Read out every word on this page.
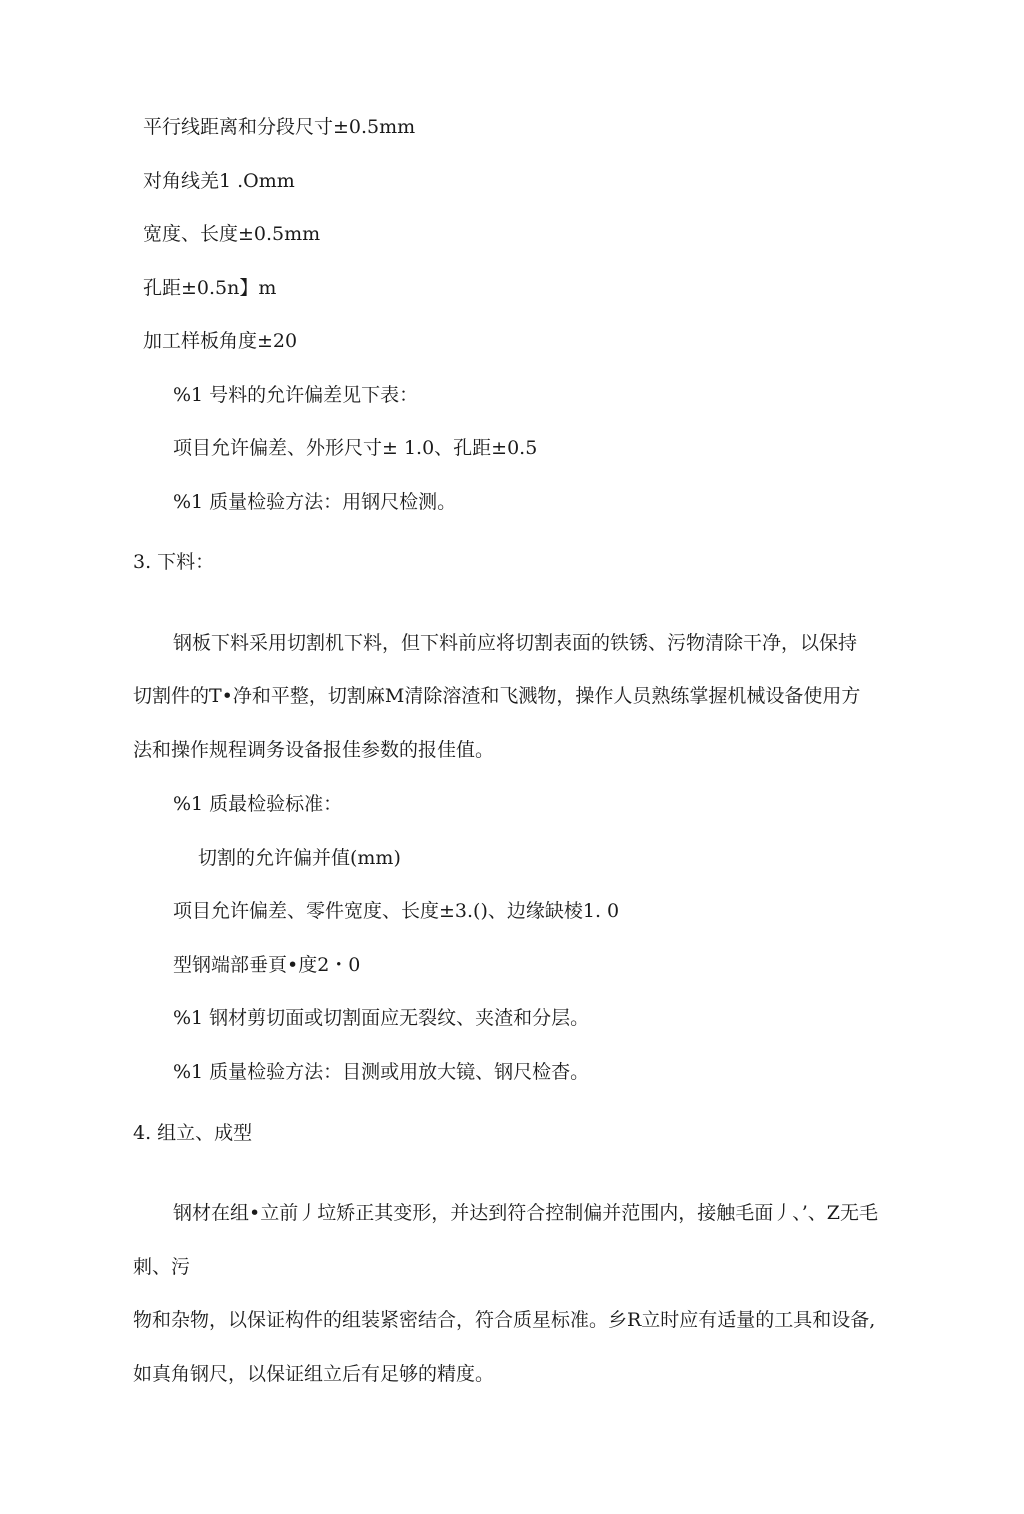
平行线距离和分段尺寸±0.5mm
对角线羌1 .Omm
宽度、长度±0.5mm
孔距±0.5n】m
加工样板角度±20
%1 号料的允许偏差见下表：
项目允许偏差、外形尺寸± 1.0、孔距±0.5
%1 质量检验方法：用钢尺检测。
3. 下料：
钢板下料采用切割机下料，但下料前应将切割表面的铁锈、污物清除干净，以保持
切割件的T•净和平整，切割麻M清除溶渣和飞溅物，操作人员熟练掌握机械设备使用方
法和操作规程调务设备报佳参数的报佳值。
%1 质最检验标准：
切割的允许偏并值(mm)
项目允许偏差、零件宽度、长度±3.()、边缘缺棱1. 0
型钢端部垂頁•度2・0
%1 钢材剪切面或切割面应无裂纹、夹渣和分层。
%1 质量检验方法：目测或用放大镜、钢尺检杳。
4. 组立、成型
钢材在组•立前丿垃矫正其变形，并达到符合控制偏并范围内，接触毛面丿、’、Z无毛
刺、污
物和杂物，以保证构件的组装紧密结合，符合质星标准。乡R立时应有适量的工具和设备,
如真角钢尺，以保证组立后有足够的精度。
